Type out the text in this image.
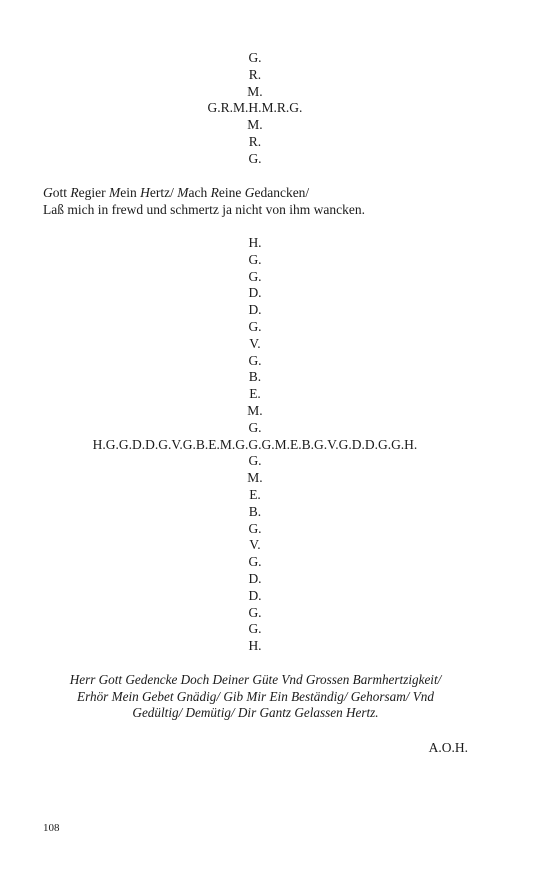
G.
R.
M.
G.R.M.H.M.R.G.
M.
R.
G.
Gott Regier Mein Hertz/ Mach Reine Gedancken/
Laß mich in frewd und schmertz ja nicht von ihm wancken.
H.
G.
G.
D.
D.
G.
V.
G.
B.
E.
M.
G.
H.G.G.D.D.G.V.G.B.E.M.G.G.G.M.E.B.G.V.G.D.D.G.G.H.
G.
M.
E.
B.
G.
V.
G.
D.
D.
G.
G.
H.
Herr Gott Gedencke Doch Deiner Güte Vnd Grossen Barmhertzigkeit/
Erhör Mein Gebet Gnädig/ Gib Mir Ein Beständig/ Gehorsam/ Vnd
Gedültig/ Demütig/ Dir Gantz Gelassen Hertz.
A.O.H.
108
